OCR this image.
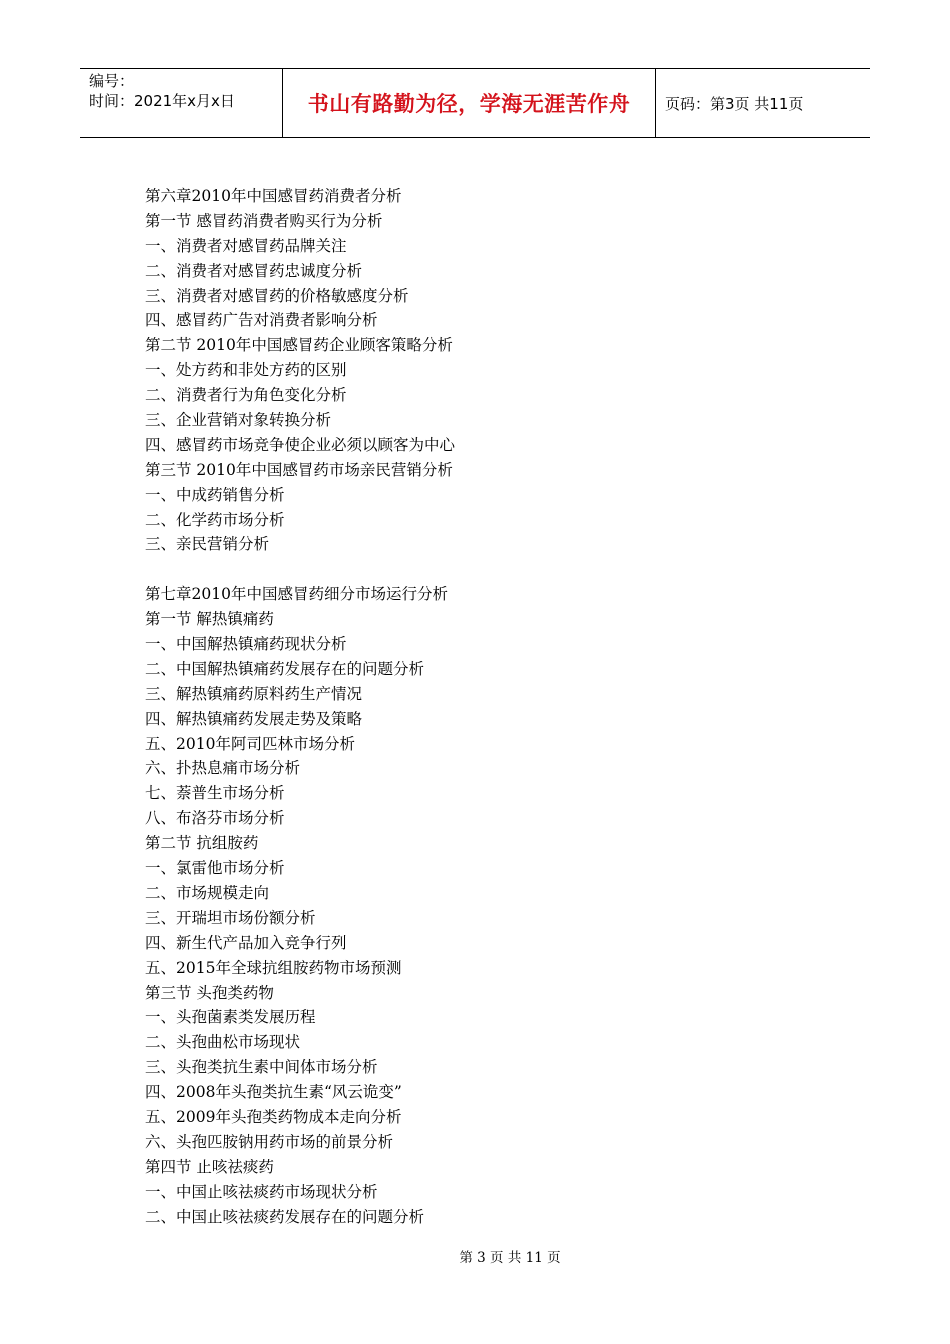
编号：
时间：2021年x月x日	书山有路勤为径，学海无涯苦作舟 页码：第3页 共11页
第六章2010年中国感冒药消费者分析
第一节 感冒药消费者购买行为分析
一、消费者对感冒药品牌关注
二、消费者对感冒药忠诚度分析
三、消费者对感冒药的价格敏感度分析
四、感冒药广告对消费者影响分析
第二节 2010年中国感冒药企业顾客策略分析
一、处方药和非处方药的区别
二、消费者行为角色变化分析
三、企业营销对象转换分析
四、感冒药市场竞争使企业必须以顾客为中心
第三节 2010年中国感冒药市场亲民营销分析
一、中成药销售分析
二、化学药市场分析
三、亲民营销分析
第七章2010年中国感冒药细分市场运行分析
第一节 解热镇痛药
一、中国解热镇痛药现状分析
二、中国解热镇痛药发展存在的问题分析
三、解热镇痛药原料药生产情况
四、解热镇痛药发展走势及策略
五、2010年阿司匹林市场分析
六、扑热息痛市场分析
七、萘普生市场分析
八、布洛芬市场分析
第二节 抗组胺药
一、氯雷他市场分析
二、市场规模走向
三、开瑞坦市场份额分析
四、新生代产品加入竞争行列
五、2015年全球抗组胺药物市场预测
第三节 头孢类药物
一、头孢菌素类发展历程
二、头孢曲松市场现状
三、头孢类抗生素中间体市场分析
四、2008年头孢类抗生素“风云诡变”
五、2009年头孢类药物成本走向分析
六、头孢匹胺钠用药市场的前景分析
第四节 止咳祛痰药
一、中国止咳祛痰药市场现状分析
二、中国止咳祛痰药发展存在的问题分析
第 3 页 共 11 页
